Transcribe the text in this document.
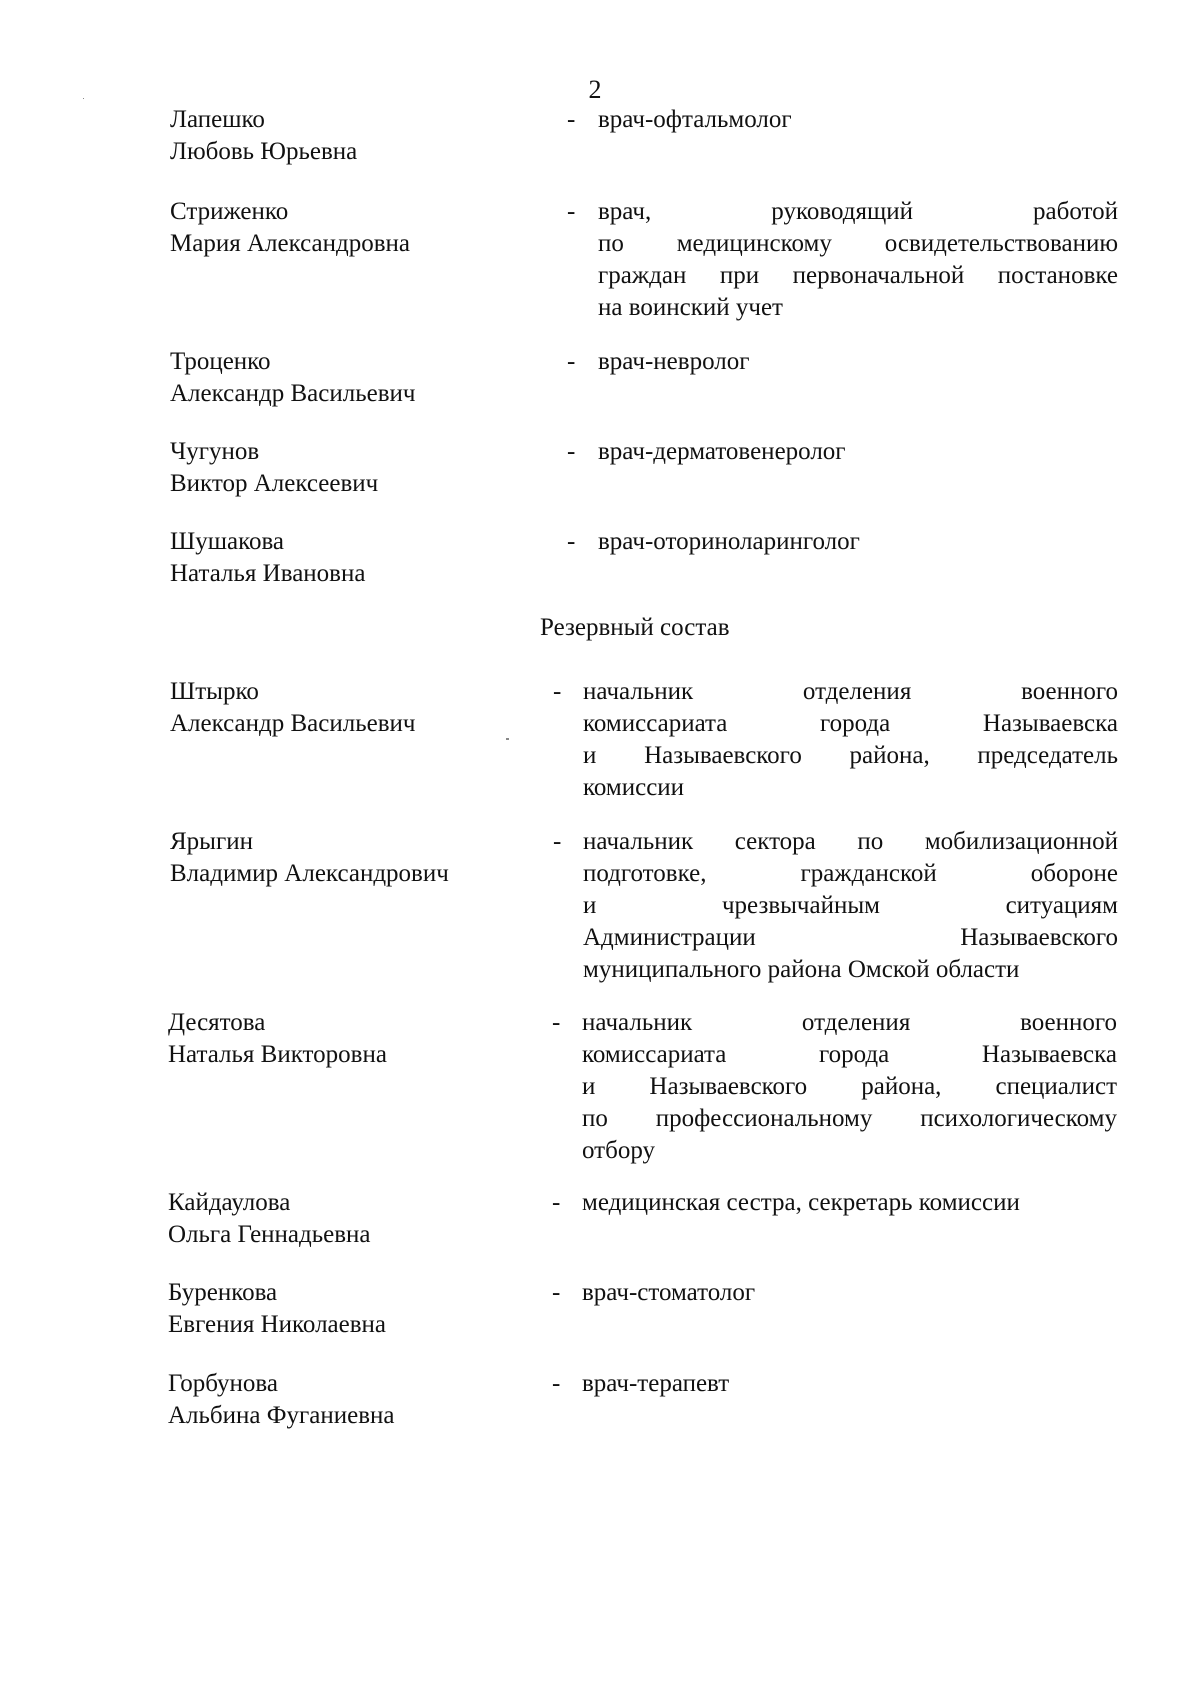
2
Лапешко
Любовь Юрьевна
- врач-офтальмолог
Стриженко
Мария Александровна
- врач, руководящий работой
по медицинскому освидетельствованию
граждан при первоначальной постановке
на воинский учет
Троценко
Александр Васильевич
- врач-невролог
Чугунов
Виктор Алексеевич
- врач-дерматовенеролог
Шушакова
Наталья Ивановна
- врач-оториноларинголог
Резервный состав
Штырко
Александр Васильевич
- начальник отделения военного
комиссариата города Называевска
и Называевского района, председатель
комиссии
Ярыгин
Владимир Александрович
- начальник сектора по мобилизационной
подготовке, гражданской обороне
и чрезвычайным ситуациям
Администрации Называевского
муниципального района Омской области
Десятова
Наталья Викторовна
- начальник отделения военного
комиссариата города Называевска
и Называевского района, специалист
по профессиональному психологическому
отбору
Кайдаулова
Ольга Геннадьевна
- медицинская сестра, секретарь комиссии
Буренкова
Евгения Николаевна
- врач-стоматолог
Горбунова
Альбина Фуганиевна
- врач-терапевт
